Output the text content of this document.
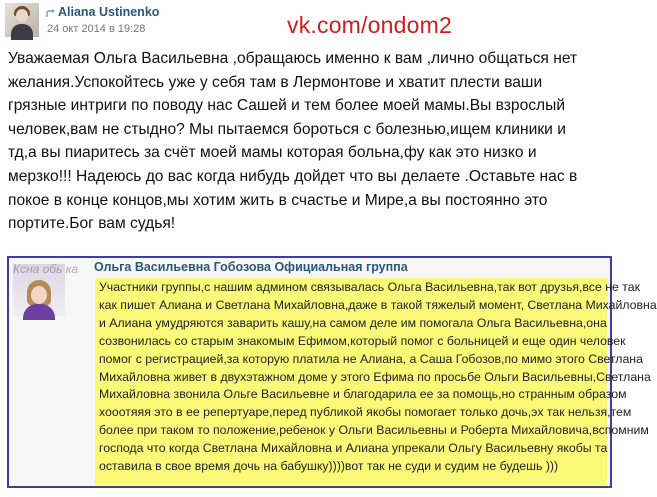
Aliana Ustinenko
24 окт 2014 в 19:28	vk.com/ondom2

Уважаемая Ольга Васильевна ,обращаюсь именно к вам ,лично общаться нет
желания.Успокойтесь уже у себя там в Лермонтове и хватит плести ваши
грязные интриги по поводу нас Сашей и тем более моей мамы.Вы взрослый
человек,вам не стыдно? Мы пытаемся бороться с болезнью,ищем клиники и
тд,а вы пиаритесь за счёт моей мамы которая больна,фу как это низко и
мерзко!!! Надеюсь до вас когда нибудь дойдет что вы делаете .Оставьте нас в
покое в конце концов,мы хотим жить в счастье и Мире,а вы постоянно это
портите.Бог вам судья!

Ксна обь ка	Ольга Васильевна Гобозова Официальная группа

Участники группы,с нашим админом связывалась Ольга Васильевна,так вот друзья,все не так
как пишет Алиана и Светлана Михайловна,даже в такой тяжелый момент, Светлана Михайловна
и Алиана умудряются заварить кашу,на самом деле им помогала Ольга Васильевна,она
созвонилась со старым знакомым Ефимом,который помог с больницей и еще один человек
помог с регистрацией,за которую платила не Алиана, а Саша Гобозов,по мимо этого Светлана
Михайловна живет в двухэтажном доме у этого Ефима по просьбе Ольги Васильевны,Светлана
Михайловна звонила Ольге Васильевне и благодарила ее за помощь,но странным образом
хооотяяя это в ее репертуаре,перед публикой якобы помогает только дочь,эх так нельзя,тем
более при таком то положение,ребенок у Ольги Васильевны и Роберта Михайловича,вспомним
господа что когда Светлана Михайловна и Алиана упрекали Ольгу Васильевну якобы та
оставила в свое время дочь на бабушку))))вот так не суди и судим не будешь )))
